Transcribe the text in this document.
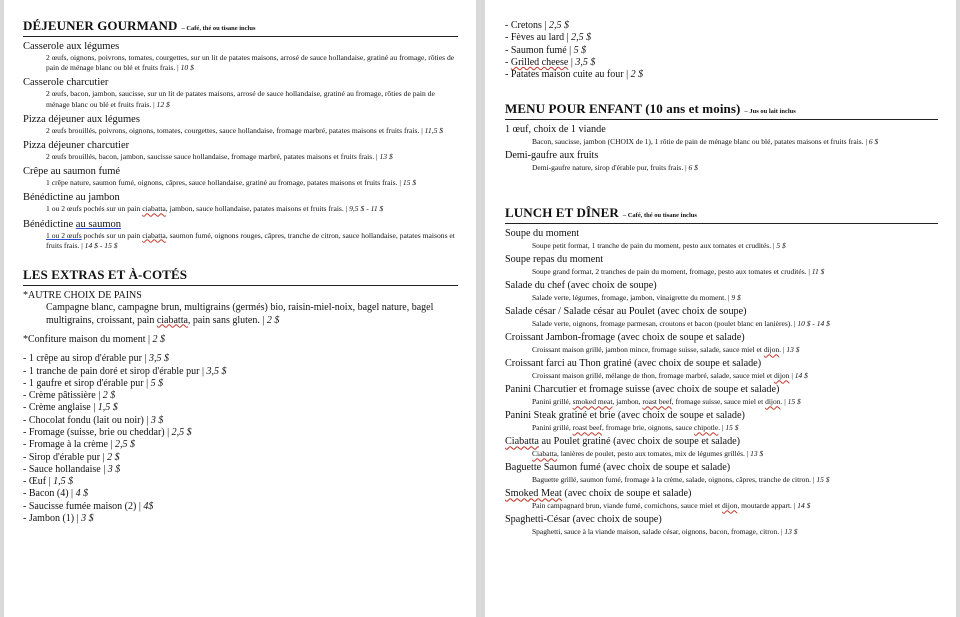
DÉJEUNER GOURMAND – Café, thé ou tisane inclus
Casserole aux légumes
2 œufs, oignons, poivrons, tomates, courgettes, sur un lit de patates maisons, arrosé de sauce hollandaise, gratiné au fromage, rôties de pain de ménage blanc ou blé et fruits frais. | 10 $
Casserole charcutier
2 œufs, bacon, jambon, saucisse, sur un lit de patates maisons, arrosé de sauce hollandaise, gratiné au fromage, rôties de pain de ménage blanc ou blé et fruits frais. | 12 $
Pizza déjeuner aux légumes
2 œufs brouillés, poivrons, oignons, tomates, courgettes, sauce hollandaise, fromage marbré, patates maisons et fruits frais. | 11,5 $
Pizza déjeuner charcutier
2 œufs brouillés, bacon, jambon, saucisse sauce hollandaise, fromage marbré, patates maisons et fruits frais. | 13 $
Crêpe au saumon fumé
1 crêpe nature, saumon fumé, oignons, câpres, sauce hollandaise, gratiné au fromage, patates maisons et fruits frais. | 15 $
Bénédictine au jambon
1 ou 2 œufs pochés sur un pain ciabatta, jambon, sauce hollandaise, patates maisons et fruits frais. | 9,5 $ - 11 $
Bénédictine au saumon
1 ou 2 œufs pochés sur un pain ciabatta, saumon fumé, oignons rouges, câpres, tranche de citron, sauce hollandaise, patates maisons et fruits frais. | 14 $ - 15 $
LES EXTRAS ET À-COTÉS
*AUTRE CHOIX DE PAINS
Campagne blanc, campagne brun, multigrains (germés) bio, raisin-miel-noix, bagel nature, bagel multigrains, croissant, pain ciabatta, pain sans gluten. | 2 $
*Confiture maison du moment | 2 $
- 1 crêpe au sirop d'érable pur | 3,5 $
- 1 tranche de pain doré et sirop d'érable pur | 3,5 $
- 1 gaufre et sirop d'érable pur | 5 $
- Crème pâtissière | 2 $
- Crème anglaise | 1,5 $
- Chocolat fondu (lait ou noir) | 3 $
- Fromage (suisse, brie ou cheddar) | 2,5 $
- Fromage à la crème | 2,5 $
- Sirop d'érable pur | 2 $
- Sauce hollandaise | 3 $
- Œuf | 1,5 $
- Bacon (4) | 4 $
- Saucisse fumée maison (2) | 4$
- Jambon (1) | 3 $
- Cretons | 2,5 $
- Fèves au lard | 2,5 $
- Saumon fumé | 5 $
- Grilled cheese | 3,5 $
- Patates maison cuite au four | 2 $
MENU POUR ENFANT (10 ans et moins) – Jus ou lait inclus
1 œuf, choix de 1 viande
Bacon, saucisse, jambon (CHOIX de 1), 1 rôtie de pain de ménage blanc ou blé, patates maisons et fruits frais. | 6 $
Demi-gaufre aux fruits
Demi-gaufre nature, sirop d'érable pur, fruits frais. | 6 $
LUNCH ET DÎNER – Café, thé ou tisane inclus
Soupe du moment
Soupe petit format, 1 tranche de pain du moment, pesto aux tomates et crudités. | 5 $
Soupe repas du moment
Soupe grand format, 2 tranches de pain du moment, fromage, pesto aux tomates et crudités. | 11 $
Salade du chef (avec choix de soupe)
Salade verte, légumes, fromage, jambon, vinaigrette du moment. | 9 $
Salade césar / Salade césar au Poulet (avec choix de soupe)
Salade verte, oignons, fromage parmesan, croutons et bacon (poulet blanc en lanières). | 10 $ - 14 $
Croissant Jambon-fromage (avec choix de soupe et salade)
Croissant maison grillé, jambon mince, fromage suisse, salade, sauce miel et dijon. | 13 $
Croissant farci au Thon gratiné (avec choix de soupe et salade)
Croissant maison grillé, mélange de thon, fromage marbré, salade, sauce miel et dijon | 14 $
Panini Charcutier et fromage suisse (avec choix de soupe et salade)
Panini grillé, smoked meat, jambon, roast beef, fromage suisse, sauce miel et dijon. | 15 $
Panini Steak gratiné et brie (avec choix de soupe et salade)
Panini grillé, roast beef, fromage brie, oignons, sauce chipotle. | 15 $
Ciabatta au Poulet gratiné (avec choix de soupe et salade)
Ciabatta, lanières de poulet, pesto aux tomates, mix de légumes grillés. | 13 $
Baguette Saumon fumé (avec choix de soupe et salade)
Baguette grillé, saumon fumé, fromage à la crème, salade, oignons, câpres, tranche de citron. | 15 $
Smoked Meat (avec choix de soupe et salade)
Pain campagnard brun, viande fumé, cornichons, sauce miel et dijon, moutarde appart. | 14 $
Spaghetti-César (avec choix de soupe)
Spaghetti, sauce à la viande maison, salade césar, oignons, bacon, fromage, citron. | 13 $
